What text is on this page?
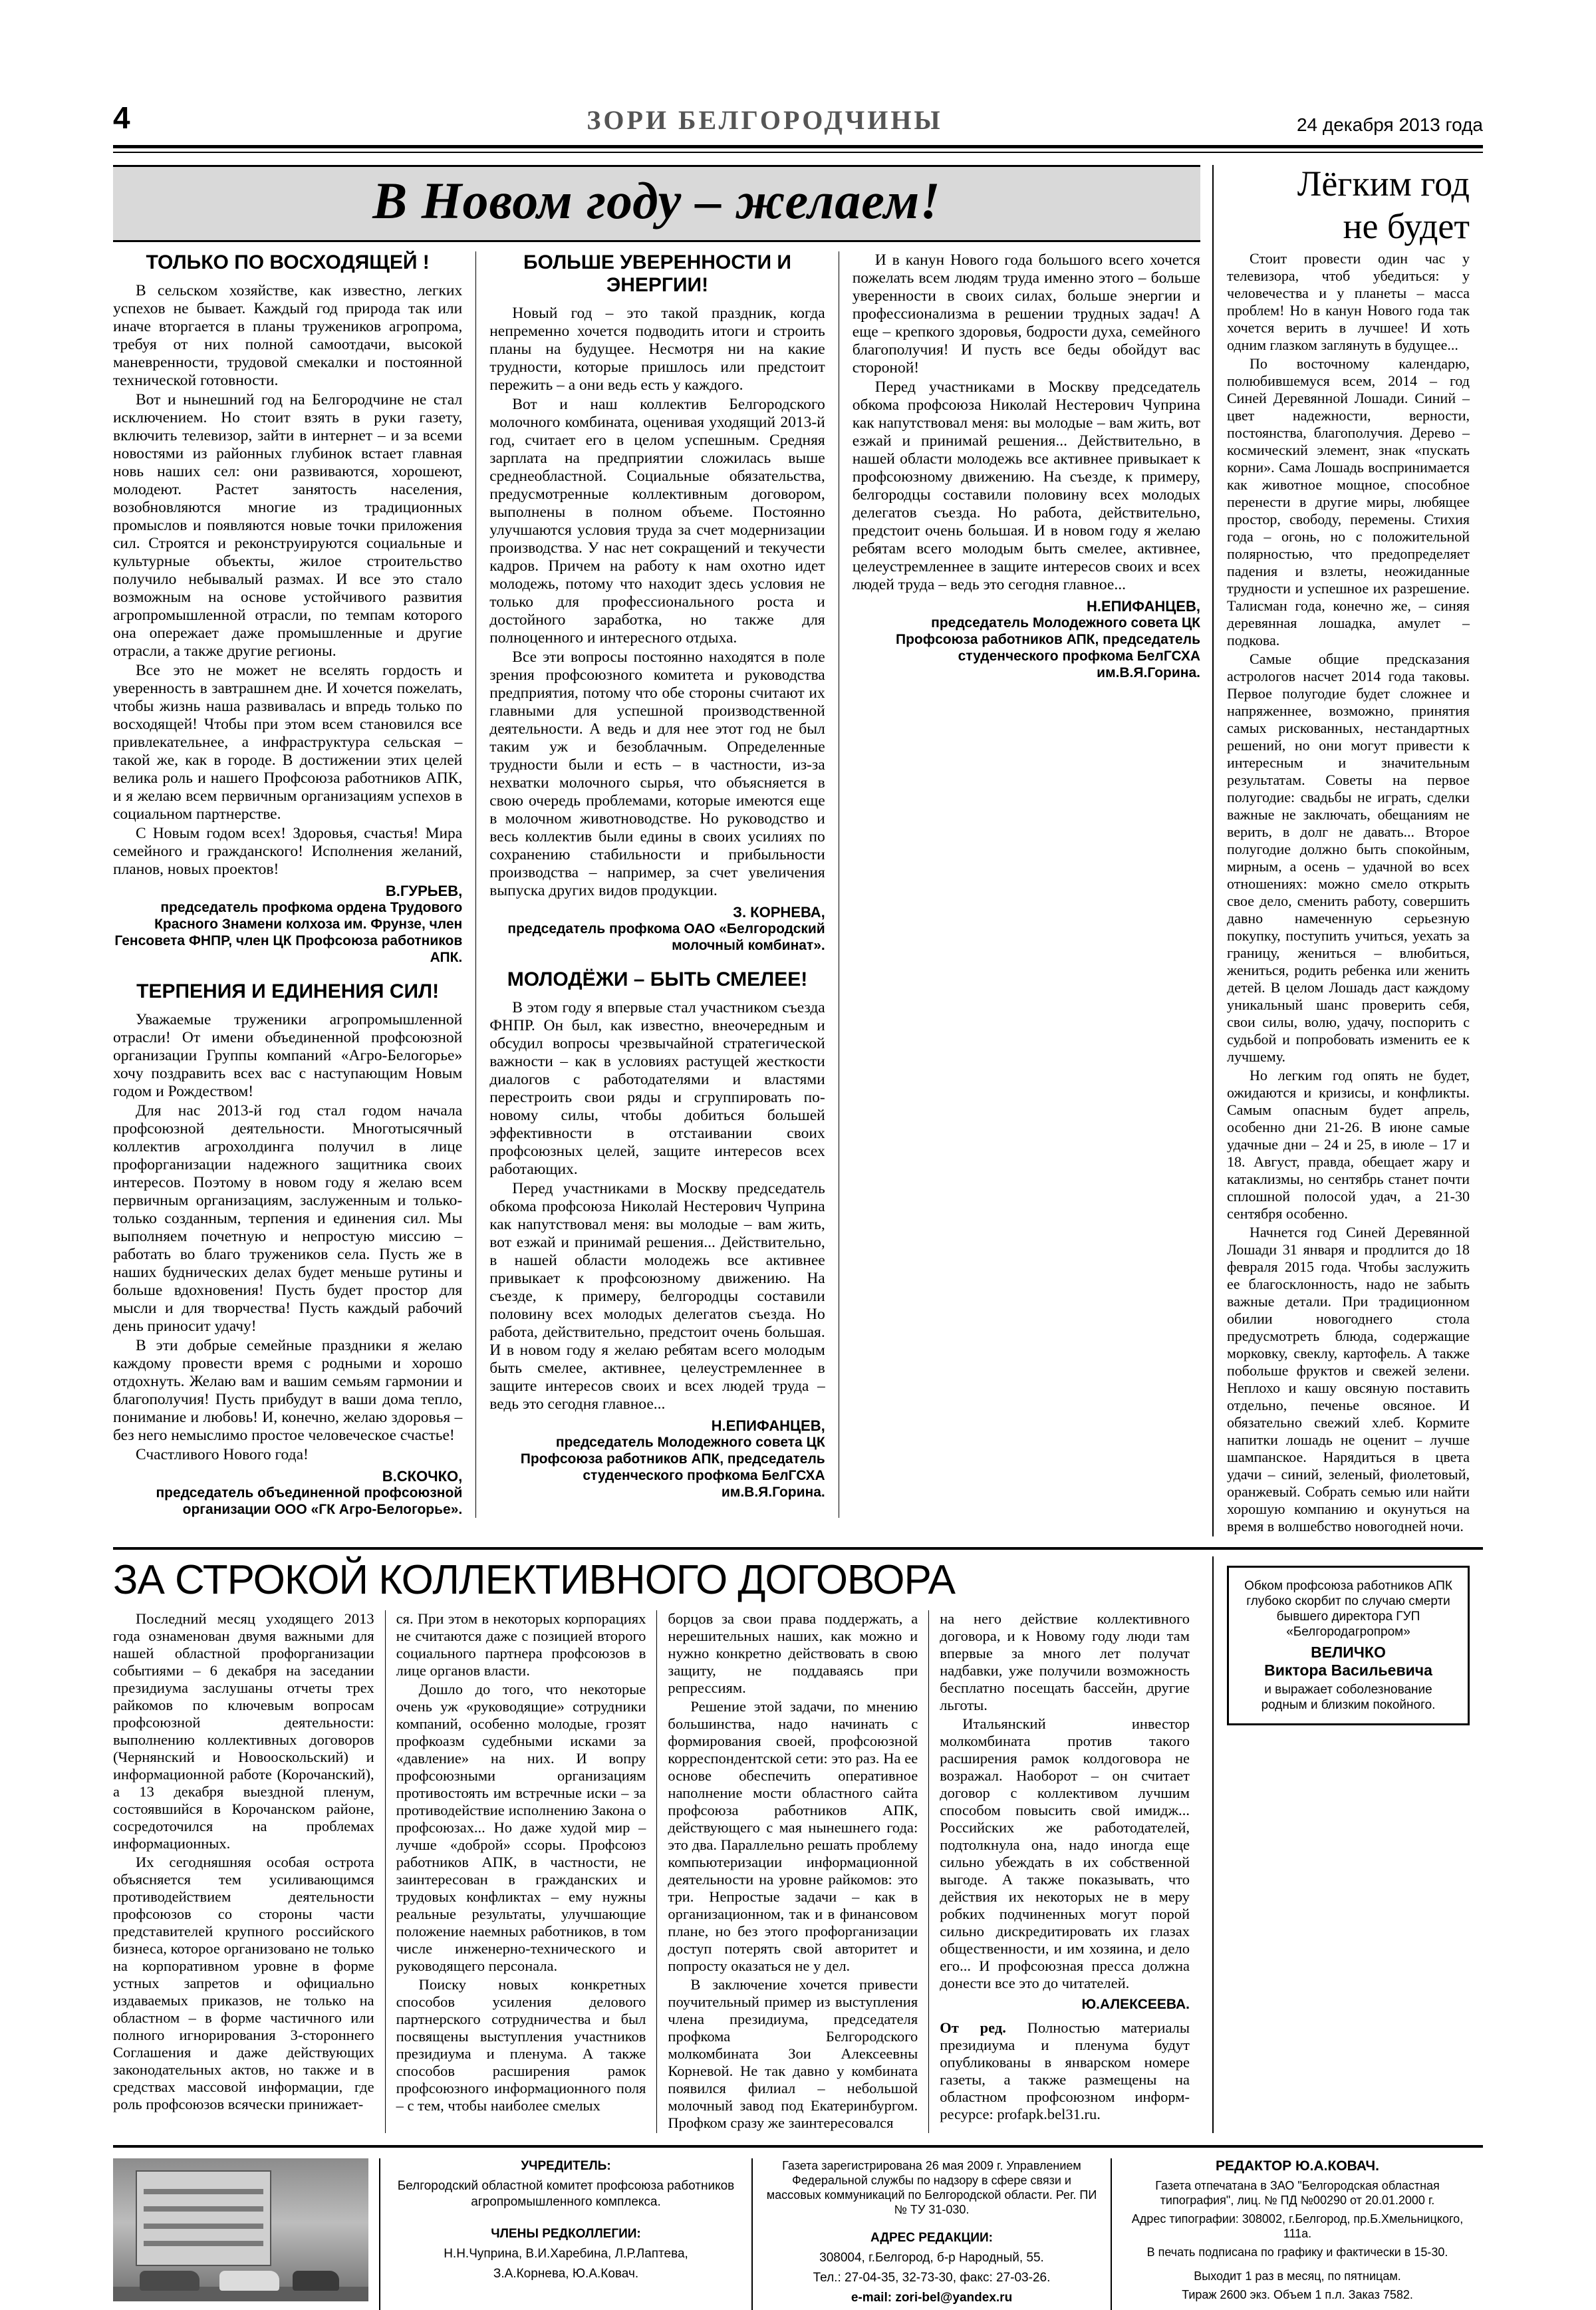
4	ЗОРИ БЕЛГОРОДЧИНЫ	24 декабря 2013 года
В Новом году – желаем!
ТОЛЬКО ПО ВОСХОДЯЩЕЙ !

В сельском хозяйстве, как известно, легких успехов не бывает. Каждый год природа так или иначе вторгается в планы тружеников агропрома, требуя от них полной самоотдачи, высокой маневренности, трудовой смекалки и постоянной технической готовности.

Вот и нынешний год на Белгородчине не стал исключением. Но стоит взять в руки газету, включить телевизор, зайти в интернет – и за всеми новостями из районных глубинок встает главная новь наших сел: они развиваются, хорошеют, молодеют. Растет занятость населения, возобновляются многие из традиционных промыслов и появляются новые точки приложения сил. Строятся и реконструируются социальные и культурные объекты, жилое строительство получило небывалый размах. И все это стало возможным на основе устойчивого развития агропромышленной отрасли, по темпам которого она опережает даже промышленные и другие отрасли, а также другие регионы.

Все это не может не вселять гордость и уверенность в завтрашнем дне. И хочется пожелать, чтобы жизнь наша развивалась и впредь только по восходящей! Чтобы при этом всем становился все привлекательнее, а инфраструктура сельская – такой же, как в городе. В достижении этих целей велика роль и нашего Профсоюза работников АПК, и я желаю всем первичным организациям успехов в социальном партнерстве.

С Новым годом всех! Здоровья, счастья! Мира семейного и гражданского! Исполнения желаний, планов, новых проектов!

В.ГУРЬЕВ,
председатель профкома ордена Трудового Красного Знамени колхоза им. Фрунзе, член Генсовета ФНПР, член ЦК Профсоюза работников АПК.
ТЕРПЕНИЯ И ЕДИНЕНИЯ СИЛ!

Уважаемые труженики агропромышленной отрасли! От имени объединенной профсоюзной организации Группы компаний «Агро-Белогорье» хочу поздравить всех вас с наступающим Новым годом и Рождеством!

Для нас 2013-й год стал годом начала профсоюзной деятельности. Многотысячный коллектив агрохолдинга получил в лице профорганизации надежного защитника своих интересов. Поэтому в новом году я желаю всем первичным организациям, заслуженным и только-только созданным, терпения и единения сил. Мы выполняем почетную и непростую миссию – работать во благо тружеников села. Пусть же в наших буднических делах будет меньше рутины и больше вдохновения! Пусть будет простор для мысли и для творчества! Пусть каждый рабочий день приносит удачу!

В эти добрые семейные праздники я желаю каждому провести время с родными и хорошо отдохнуть. Желаю вам и вашим семьям гармонии и благополучия! Пусть прибудут в ваши дома тепло, понимание и любовь! И, конечно, желаю здоровья – без него немыслимо простое человеческое счастье!

Счастливого Нового года!

В.СКОЧКО,
председатель объединенной профсоюзной организации ООО «ГК Агро-Белогорье».
БОЛЬШЕ УВЕРЕННОСТИ И ЭНЕРГИИ!

Новый год – это такой праздник, когда непременно хочется подводить итоги и строить планы на будущее. Несмотря ни на какие трудности, которые пришлось или предстоит пережить – а они ведь есть у каждого.

Вот и наш коллектив Белгородского молочного комбината, оценивая уходящий 2013-й год, считает его в целом успешным. Средняя зарплата на предприятии сложилась выше среднеобластной. Социальные обязательства, предусмотренные коллективным договором, выполнены в полном объеме. Постоянно улучшаются условия труда за счет модернизации производства. У нас нет сокращений и текучести кадров. Причем на работу к нам охотно идет молодежь, потому что находит здесь условия не только для профессионального роста и достойного заработка, но также для полноценного и интересного отдыха.

Все эти вопросы постоянно находятся в поле зрения профсоюзного комитета и руководства предприятия, потому что обе стороны считают их главными для успешной производственной деятельности. А ведь и для нее этот год не был таким уж и безоблачным. Определенные трудности были и есть – в частности, из-за нехватки молочного сырья, что объясняется в свою очередь проблемами, которые имеются еще в молочном животноводстве. Но руководство и весь коллектив были едины в своих усилиях по сохранению стабильности и прибыльности производства – например, за счет увеличения выпуска других видов продукции.

З. КОРНЕВА,
председатель профкома ОАО «Белгородский молочный комбинат».
МОЛОДЁЖИ – БЫТЬ СМЕЛЕЕ!

В этом году я впервые стал участником съезда ФНПР. Он был, как известно, внеочередным и обсудил вопросы чрезвычайной стратегической важности – как в условиях растущей жесткости диалогов с работодателями и властями перестроить свои ряды и сгруппировать по-новому силы, чтобы добиться большей эффективности в отстаивании своих профсоюзных целей, защите интересов всех работающих.

Перед участниками в Москву председатель обкома профсоюза Николай Нестерович Чуприна как напутствовал меня: вы молодые – вам жить, вот езжай и принимай решения... Действительно, в нашей области молодежь все активнее привыкает к профсоюзному движению. На съезде, к примеру, белгородцы составили половину всех молодых делегатов съезда. Но работа, действительно, предстоит очень большая. И в новом году я желаю ребятам всего молодым быть смелее, активнее, целеустремленнее в защите интересов своих и всех людей труда – ведь это сегодня главное...

Н.ЕПИФАНЦЕВ,
председатель Молодежного совета ЦК Профсоюза работников АПК, председатель студенческого профкома БелГСХА им.В.Я.Горина.

И в канун Нового года большого всего хочется пожелать всем людям труда именно этого – больше уверенности в своих силах, больше энергии и профессионализма в решении трудных задач! А еще – крепкого здоровья, бодрости духа, семейного благополучия! И пусть все беды обойдут вас стороной!

Перед участниками в Москву председатель обкома профсоюза Николай Нестерович Чуприна как напутствовал меня: вы молодые – вам жить, вот езжай и принимай решения... Действительно, в нашей области молодежь все активнее привыкает к профсоюзному движению. На съезде, к примеру, белгородцы составили половину всех молодых делегатов съезда. Но работа, действительно, предстоит очень большая. И в новом году я желаю ребятам всего молодым быть смелее, активнее, целеустремленнее в защите интересов своих и всех людей труда – ведь это сегодня главное...

Н.ЕПИФАНЦЕВ,
председатель Молодежного совета ЦК Профсоюза работников АПК, председатель студенческого профкома БелГСХА им.В.Я.Горина.
Лёгким год
не будет

Стоит провести один час у телевизора, чтоб убедиться: у человечества и у планеты – масса проблем! Но в канун Нового года так хочется верить в лучшее! И хоть одним глазком заглянуть в будущее...

По восточному календарю, полюбившемуся всем, 2014 – год Синей Деревянной Лошади. Синий – цвет надежности, верности, постоянства, благополучия. Дерево – космический элемент, знак «пускать корни». Сама Лошадь воспринимается как животное мощное, способное перенести в другие миры, любящее простор, свободу, перемены. Стихия года – огонь, но с положительной полярностью, что предопределяет падения и взлеты, неожиданные трудности и успешное их разрешение. Талисман года, конечно же, – синяя деревянная лошадка, амулет – подкова.

Самые общие предсказания астрологов насчет 2014 года таковы. Первое полугодие будет сложнее и напряженнее, возможно, принятия самых рискованных, нестандартных решений, но они могут привести к интересным и значительным результатам. Советы на первое полугодие: свадьбы не играть, сделки важные не заключать, обещаниям не верить, в долг не давать... Второе полугодие должно быть спокойным, мирным, а осень – удачной во всех отношениях: можно смело открыть свое дело, сменить работу, совершить давно намеченную серьезную покупку, поступить учиться, уехать за границу, жениться – влюбиться, жениться, родить ребенка или женить детей. В целом Лошадь даст каждому уникальный шанс проверить себя, свои силы, волю, удачу, поспорить с судьбой и попробовать изменить ее к лучшему.

Но легким год опять не будет, ожидаются и кризисы, и конфликты. Самым опасным будет апрель, особенно дни 21-26. В июне самые удачные дни – 24 и 25, в июле – 17 и 18. Август, правда, обещает жару и катаклизмы, но сентябрь станет почти сплошной полосой удач, а 21-30 сентября особенно.

Начнется год Синей Деревянной Лошади 31 января и продлится до 18 февраля 2015 года. Чтобы заслужить ее благосклонность, надо не забыть важные детали. При традиционном обилии новогоднего стола предусмотреть блюда, содержащие морковку, свеклу, картофель. А также побольше фруктов и свежей зелени. Неплохо и кашу овсяную поставить отдельно, печенье овсяное. И обязательно свежий хлеб. Кормите напитки лошадь не оценит – лучше шампанское. Нарядиться в цвета удачи – синий, зеленый, фиолетовый, оранжевый. Собрать семью или найти хорошую компанию и окунуться на время в волшебство новогодней ночи.

ЗА СТРОКОЙ КОЛЛЕКТИВНОГО ДОГОВОРА

Последний месяц уходящего 2013 года ознаменован двумя важными для нашей областной профорганизации событиями – 6 декабря на заседании президиума заслушаны отчеты трех райкомов по ключевым вопросам профсоюзной деятельности: выполнению коллективных договоров (Чернянский и Новооскольский) и информационной работе (Корочанский), а 13 декабря выездной пленум, состоявшийся в Корочанском районе, сосредоточился на проблемах информационных.

Их сегодняшняя особая острота объясняется тем усиливающимся противодействием деятельности профсоюзов со стороны части представителей крупного российского бизнеса, которое организовано не только на корпоративном уровне в форме устных запретов и официально издаваемых приказов, не только на областном – в форме частичного или полного игнорирования 3-стороннего Соглашения и даже действующих законодательных актов, но также и в средствах массовой информации, где роль профсоюзов всячески принижает-

ся. При этом в некоторых корпорациях не считаются даже с позицией второго социального партнера профсоюзов в лице органов власти.

Дошло до того, что некоторые очень уж «руководящие» сотрудники компаний, особенно молодые, грозят профкоазм судебными исками за «давление» на них. И вопру профсоюзными организациям противостоять им встречные иски – за противодействие исполнению Закона о профсоюзах... Но даже худой мир – лучше «доброй» ссоры. Профсоюз работников АПК, в частности, не заинтересован в гражданских и трудовых конфликтах – ему нужны реальные результаты, улучшающие положение наемных работников, в том числе инженерно-технического и руководящего персонала.

Поиску новых конкретных способов усиления делового партнерского сотрудничества и был посвящены выступления участников президиума и пленума. А также способов расширения рамок профсоюзного информационного поля – с тем, чтобы наиболее смелых

борцов за свои права поддержать, а нерешительных наших, как можно и нужно конкретно действовать в свою защиту, не поддаваясь при репрессиям.

Решение этой задачи, по мнению большинства, надо начинать с формирования своей, профсоюзной корреспондентской сети: это раз. На ее основе обеспечить оперативное наполнение мости областного сайта профсоюза работников АПК, действующего с мая нынешнего года: это два. Параллельно решать проблему компьютеризации информационной деятельности на уровне райкомов: это три. Непростые задачи – как в организационном, так и в финансовом плане, но без этого профорганизации доступ потерять свой авторитет и попросту оказаться не у дел.

В заключение хочется привести поучительный пример из выступления члена президиума, председателя профкома Белгородского молкомбината Зои Алексеевны Корневой. Не так давно у комбината появился филиал – небольшой молочный завод под Екатеринбургом. Профком сразу же заинтересовался

на него действие коллективного договора, и к Новому году люди там впервые за много лет получат надбавки, уже получили возможность бесплатно посещать бассейн, другие льготы.

Итальянский инвестор молкомбината против такого расширения рамок колдоговора не возражал. Наоборот – он считает договор с коллективом лучшим способом повысить свой имидж... Российских же работодателей, подтолкнула она, надо иногда еще сильно убеждать в их собственной выгоде. А также показывать, что действия их некоторых не в меру робких подчиненных могут порой сильно дискредитировать их глазах общественности, и им хозяина, и дело его... И профсоюзная пресса должна донести все это до читателей.

Ю.АЛЕКСЕЕВА.

От ред. Полностью материалы президиума и пленума будут опубликованы в январском номере газеты, а также размещены на областном профсоюзном информ-ресурсе: profapk.bel31.ru.

Обком профсоюза работников АПК глубоко скорбит по случаю смерти бывшего директора ГУП «Белгородагропром»
ВЕЛИЧКО
Виктора Васильевича
и выражает соболезнование родным и близким покойного.

УЧРЕДИТЕЛЬ:

Белгородский областной комитет профсоюза работников агропромышленного комплекса.

ЧЛЕНЫ РЕДКОЛЛЕГИИ:

Н.Н.Чуприна, В.И.Харебина, Л.Р.Лаптева,

З.А.Корнева, Ю.А.Ковач.

Газета зарегистрирована 26 мая 2009 г. Управлением Федеральной службы по надзору в сфере связи и массовых коммуникаций по Белгородской области. Рег. ПИ № ТУ 31-030.

АДРЕС РЕДАКЦИИ:

308004, г.Белгород, б-р Народный, 55.

Тел.: 27-04-35, 32-73-30, факс: 27-03-26.

e-mail: zori-bel@yandex.ru

РЕДАКТОР Ю.А.КОВАЧ.

Газета отпечатана в ЗАО "Белгородская областная типография", лиц. № ПД №00290 от 20.01.2000 г.

Адрес типографии: 308002, г.Белгород, пр.Б.Хмельницкого, 111а.

В печать подписана по графику и фактически в 15-30.

Выходит 1 раз в месяц, по пятницам.

Тираж 2600 экз. Объем 1 п.л. Заказ 7582.
